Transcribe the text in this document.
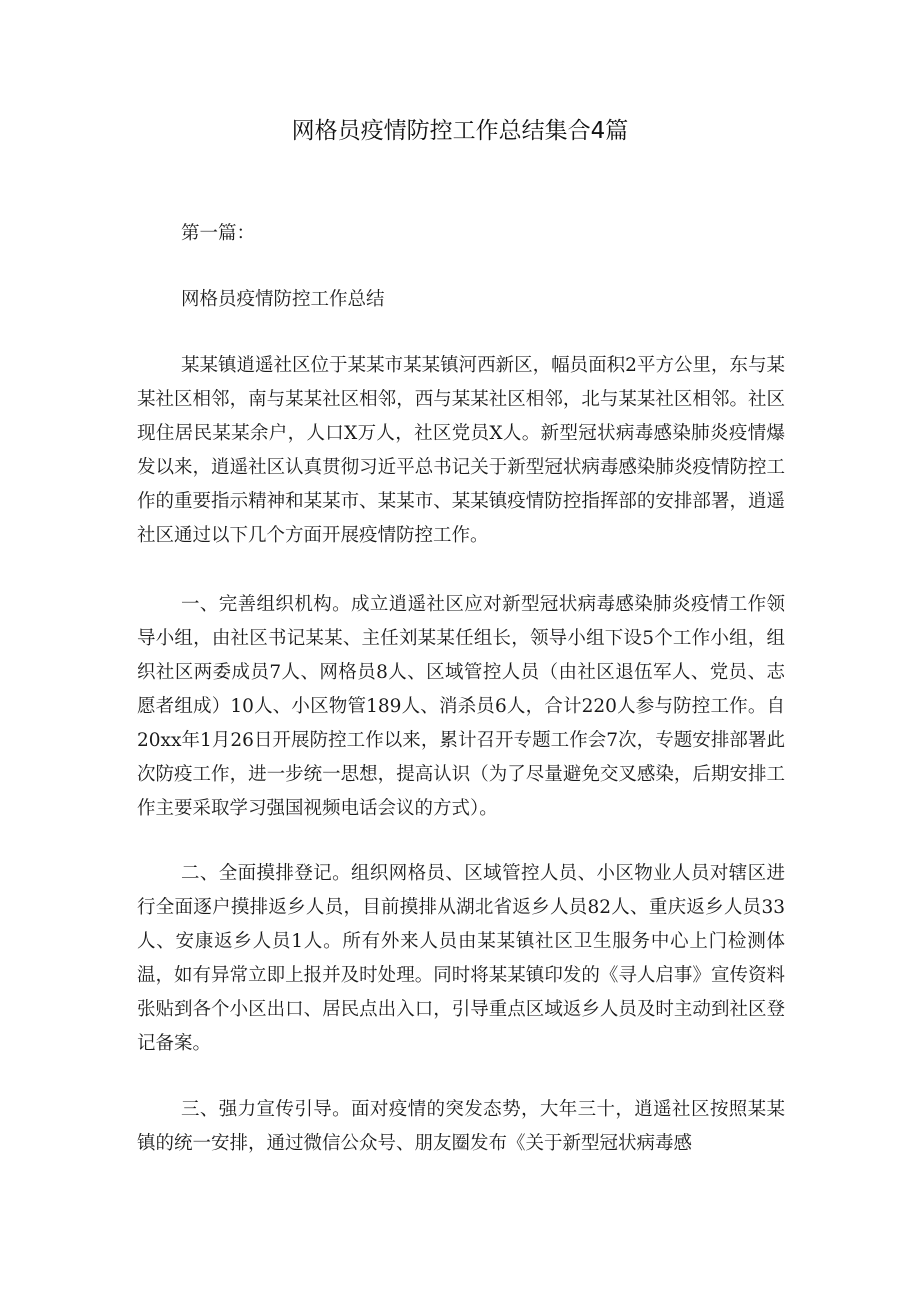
网格员疫情防控工作总结集合4篇

第一篇：

网格员疫情防控工作总结

某某镇逍遥社区位于某某市某某镇河西新区，幅员面积2平方公里，东与某某社区相邻，南与某某社区相邻，西与某某社区相邻，北与某某社区相邻。社区现住居民某某余户，人口X万人，社区党员X人。新型冠状病毒感染肺炎疫情爆发以来，逍遥社区认真贯彻习近平总书记关于新型冠状病毒感染肺炎疫情防控工作的重要指示精神和某某市、某某市、某某镇疫情防控指挥部的安排部署，逍遥社区通过以下几个方面开展疫情防控工作。

一、完善组织机构。成立逍遥社区应对新型冠状病毒感染肺炎疫情工作领导小组，由社区书记某某、主任刘某某任组长，领导小组下设5个工作小组，组织社区两委成员7人、网格员8人、区域管控人员（由社区退伍军人、党员、志愿者组成）10人、小区物管189人、消杀员6人，合计220人参与防控工作。自20xx年1月26日开展防控工作以来，累计召开专题工作会7次，专题安排部署此次防疫工作，进一步统一思想，提高认识（为了尽量避免交叉感染，后期安排工作主要采取学习强国视频电话会议的方式）。

二、全面摸排登记。组织网格员、区域管控人员、小区物业人员对辖区进行全面逐户摸排返乡人员，目前摸排从湖北省返乡人员82人、重庆返乡人员33人、安康返乡人员1人。所有外来人员由某某镇社区卫生服务中心上门检测体温，如有异常立即上报并及时处理。同时将某某镇印发的《寻人启事》宣传资料张贴到各个小区出口、居民点出入口，引导重点区域返乡人员及时主动到社区登记备案。

三、强力宣传引导。面对疫情的突发态势，大年三十，逍遥社区按照某某镇的统一安排，通过微信公众号、朋友圈发布《关于新型冠状病毒感
